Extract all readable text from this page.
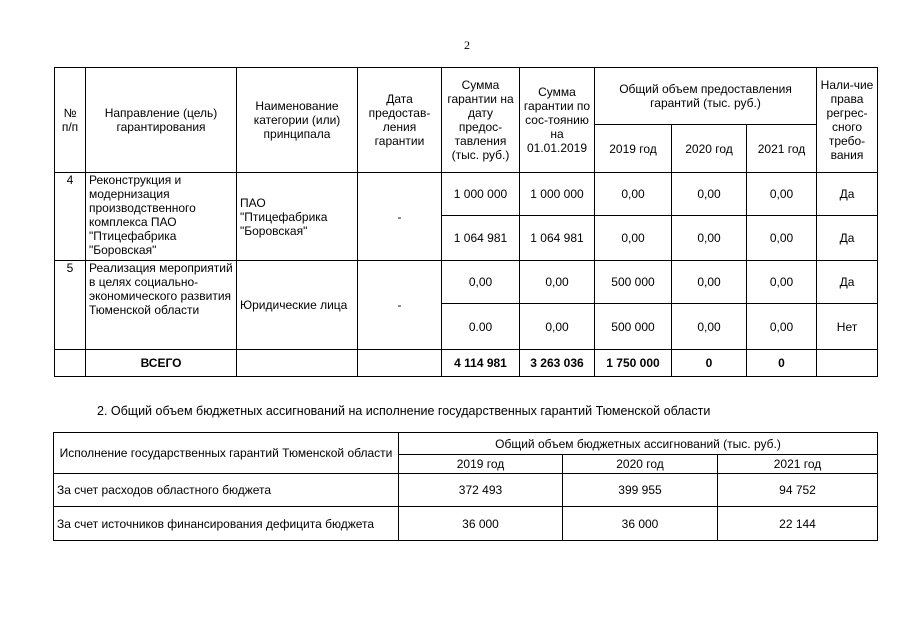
2
№ п/п	Направление (цель) гарантирования	Наименование категории (или) принципала	Дата предостав-ления гарантии	Сумма гарантии на дату предос-тавления (тыс. руб.)	Сумма гарантии по сос-тоянию на 01.01.2019	Общий объем предоставления гарантий (тыс. руб.)			Нали-чие права регрес-сного требо-вания
						2019 год	2020 год	2021 год	
4	Реконструкция и модернизация производственного комплекса ПАО "Птицефабрика "Боровская"	ПАО "Птицефабрика "Боровская"	-	1 000 000	1 000 000	0,00	0,00	0,00	Да
				1 064 981	1 064 981	0,00	0,00	0,00	Да
5	Реализация мероприятий в целях социально-экономического развития Тюменской области	Юридические лица	-	0,00	0,00	500 000	0,00	0,00	Да
				0.00	0,00	500 000	0,00	0,00	Нет
	ВСЕГО			4 114 981	3 263 036	1 750 000	0	0	
2. Общий объем бюджетных ассигнований на исполнение государственных гарантий Тюменской области
Исполнение государственных гарантий Тюменской области	Общий объем бюджетных ассигнований (тыс. руб.)		
	2019 год	2020 год	2021 год
За счет расходов областного бюджета	372 493	399 955	94 752
За счет источников финансирования дефицита бюджета	36 000	36 000	22 144
